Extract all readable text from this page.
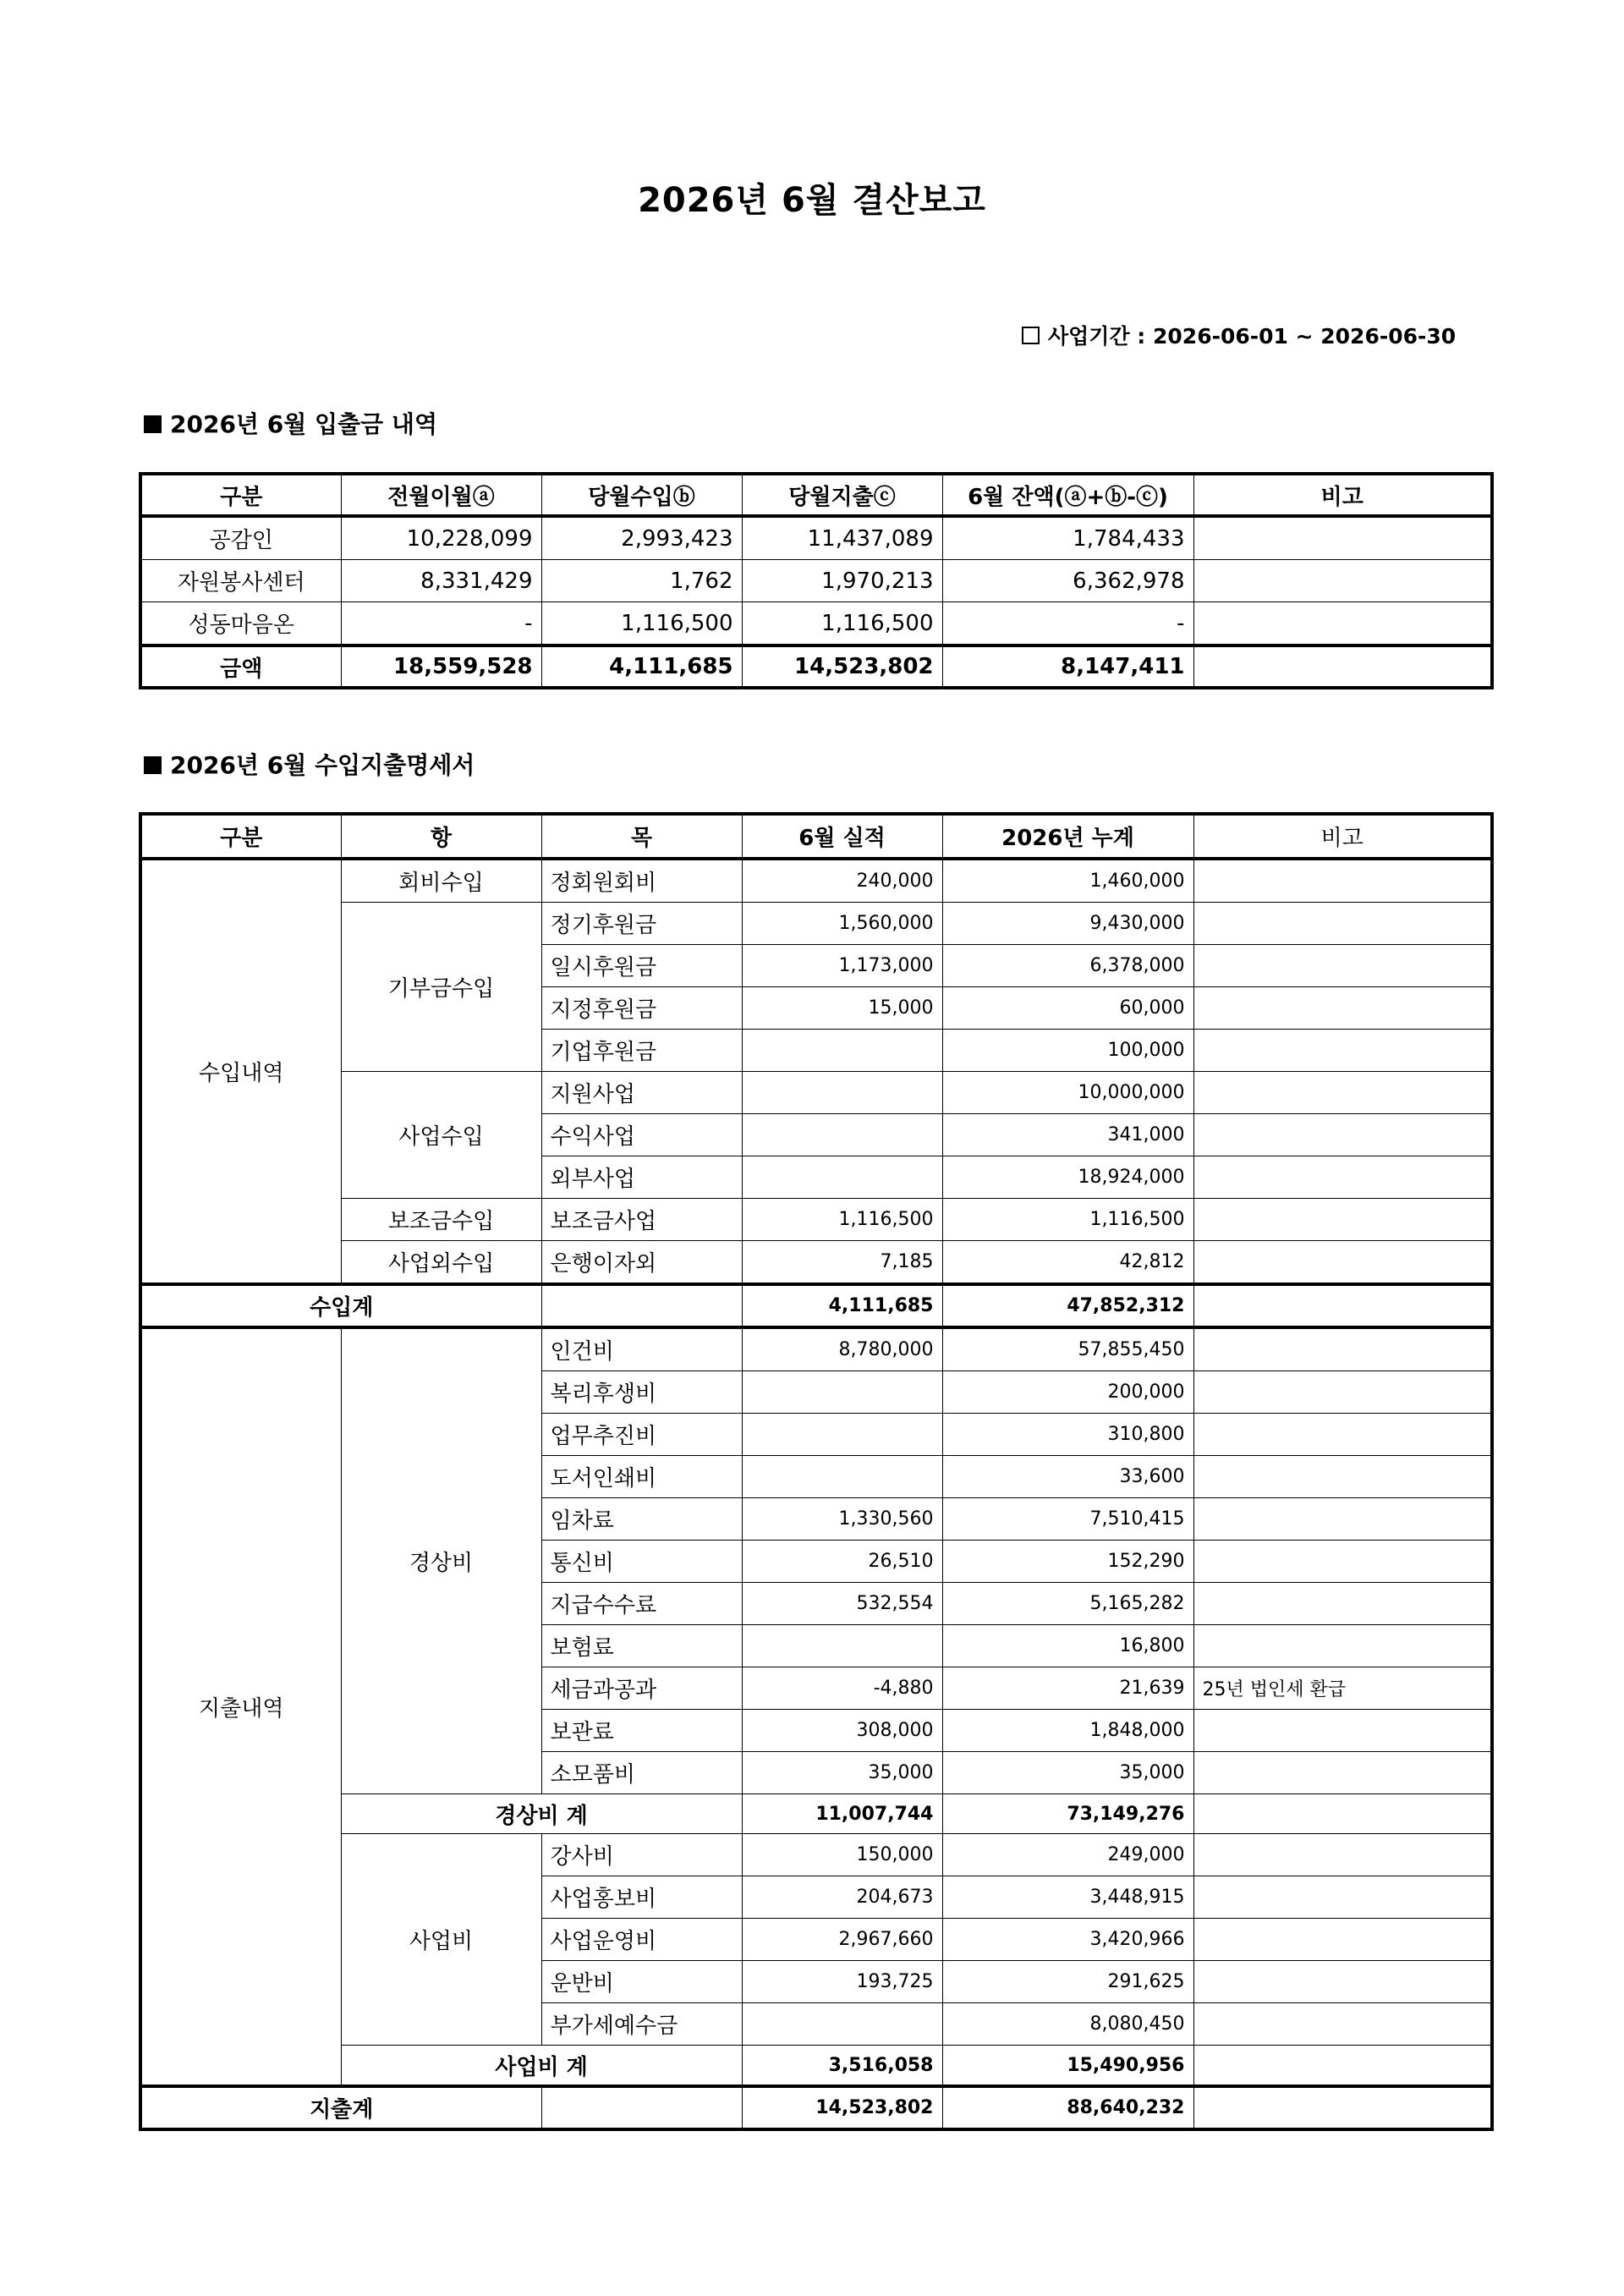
2026년 6월 결산보고
사업기간 : 2026-06-01 ~ 2026-06-30
2026년 6월 입출금 내역
구분	전월이월ⓐ	당월수입ⓑ	당월지출ⓒ	6월 잔액(ⓐ+ⓑ-ⓒ)	비고
공감인	10,228,099	2,993,423	11,437,089	1,784,433	
자원봉사센터	8,331,429	1,762	1,970,213	6,362,978	
성동마음온	-	1,116,500	1,116,500	-	
금액	18,559,528	4,111,685	14,523,802	8,147,411	
2026년 6월 수입지출명세서
구분	항	목	6월 실적	2026년 누계	비고
수입내역	회비수입	정회원회비	240,000	1,460,000	
	기부금수입	정기후원금	1,560,000	9,430,000	
		일시후원금	1,173,000	6,378,000	
		지정후원금	15,000	60,000	
		기업후원금		100,000	
	사업수입	지원사업		10,000,000	
		수익사업		341,000	
		외부사업		18,924,000	
	보조금수입	보조금사업	1,116,500	1,116,500	
	사업외수입	은행이자외	7,185	42,812	
수입계			4,111,685	47,852,312	
지출내역	경상비	인건비	8,780,000	57,855,450	
		복리후생비		200,000	
		업무추진비		310,800	
		도서인쇄비		33,600	
		임차료	1,330,560	7,510,415	
		통신비	26,510	152,290	
		지급수수료	532,554	5,165,282	
		보험료		16,800	
		세금과공과	-4,880	21,639	25년 법인세 환급
		보관료	308,000	1,848,000	
		소모품비	35,000	35,000	
	경상비 계		11,007,744	73,149,276	
	사업비	강사비	150,000	249,000	
		사업홍보비	204,673	3,448,915	
		사업운영비	2,967,660	3,420,966	
		운반비	193,725	291,625	
		부가세예수금		8,080,450	
	사업비 계		3,516,058	15,490,956	
지출계			14,523,802	88,640,232	
